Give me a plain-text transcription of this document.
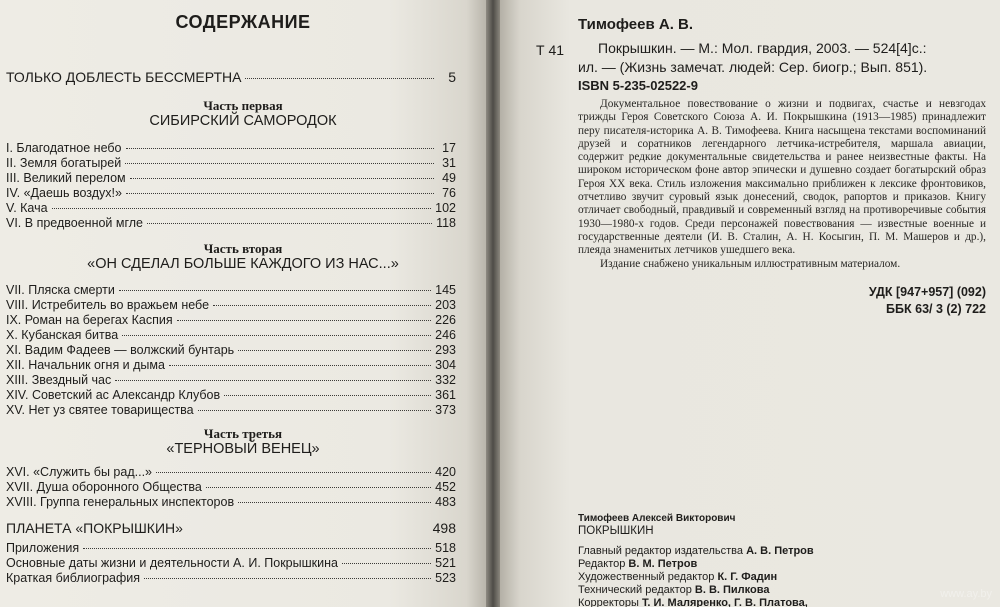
СОДЕРЖАНИЕ
ТОЛЬКО ДОБЛЕСТЬ БЕССМЕРТНА	5
Часть первая
СИБИРСКИЙ САМОРОДОК
I. Благодатное небо	17
II. Земля богатырей	31
III. Великий перелом	49
IV. «Даешь воздух!»	76
V. Кача	102
VI. В предвоенной мгле	118
Часть вторая
«ОН СДЕЛАЛ БОЛЬШЕ КАЖДОГО ИЗ НАС...»
VII. Пляска смерти	145
VIII. Истребитель во вражьем небе	203
IX. Роман на берегах Каспия	226
X. Кубанская битва	246
XI. Вадим Фадеев — волжский бунтарь	293
XII. Начальник огня и дыма	304
XIII. Звездный час	332
XIV. Советский ас Александр Клубов	361
XV. Нет уз святее товарищества	373
Часть третья
«ТЕРНОВЫЙ ВЕНЕЦ»
XVI. «Служить бы рад...»	420
XVII. Душа оборонного Общества	452
XVIII. Группа генеральных инспекторов	483
ПЛАНЕТА «ПОКРЫШКИН»	498
Приложения	518
Основные даты жизни и деятельности А. И. Покрышкина	521
Краткая библиография	523
Т 41
Тимофеев А. В.
Покрышкин. — М.: Мол. гвардия, 2003. — 524[4]с.:
ил. — (Жизнь замечат. людей: Сер. биогр.; Вып. 851).
ISBN 5-235-02522-9

Документальное повествование о жизни и подвигах, счастье и невзгодах трижды Героя Советского Союза А. И. Покрышкина (1913—1985) принадлежит перу писателя-историка А. В. Тимофеева. Книга насыщена текстами воспоминаний друзей и соратников легендарного летчика-истребителя, маршала авиации, содержит редкие документальные свидетельства и ранее неизвестные факты. На широком историческом фоне автор эпически и душевно создает богатырский образ Героя XX века. Стиль изложения максимально приближен к лексике фронтовиков, отчетливо звучит суровый язык донесений, сводок, рапортов и приказов. Книгу отличает свободный, правдивый и современный взгляд на противоречивые события 1930—1980-х годов. Среди персонажей повествования — известные военные и государственные деятели (И. В. Сталин, А. Н. Косыгин, П. М. Машеров и др.), плеяда знаменитых летчиков ушедшего века.

Издание снабжено уникальным иллюстративным материалом.

УДК [947+957] (092)
ББК 63/ 3 (2) 722
Тимофеев Алексей Викторович
ПОКРЫШКИН
Главный редактор издательства А. В. Петров
Редактор В. М. Петров
Художественный редактор К. Г. Фадин
Технический редактор В. В. Пилкова
Корректоры Т. И. Маляренко, Г. В. Платова,
www.ay.by
